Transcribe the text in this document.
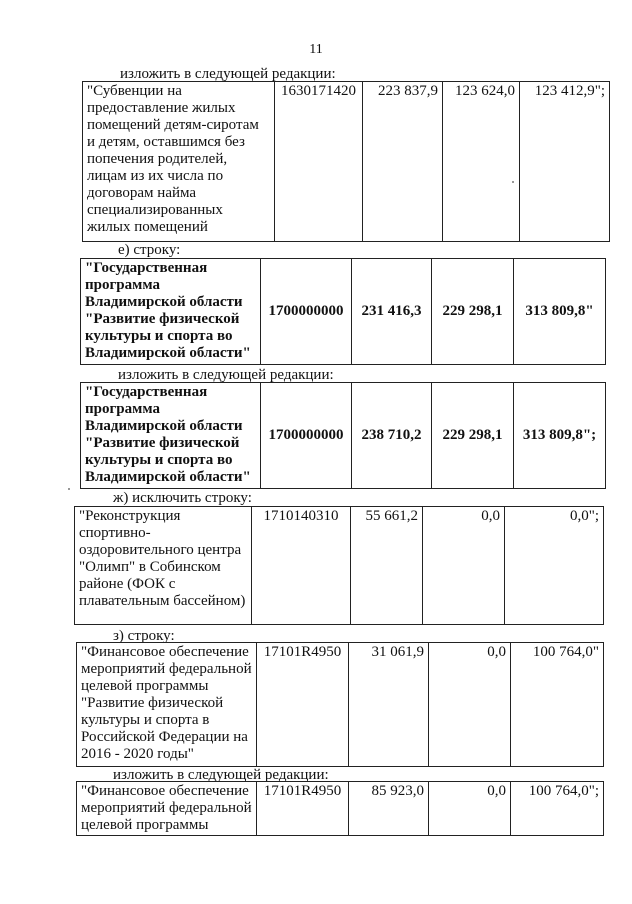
11
изложить в следующей редакции:
"Субвенции на предоставление жилых помещений детям-сиротам и детям, оставшимся без попечения родителей, лицам из их числа по договорам найма специализированных жилых помещений	1630171420	223 837,9	123 624,0	123 412,9";
е) строку:
"Государственная программа Владимирской области "Развитие физической культуры и спорта во Владимирской области"	1700000000	231 416,3	229 298,1	313 809,8"
изложить в следующей редакции:
"Государственная программа Владимирской области "Развитие физической культуры и спорта во Владимирской области"	1700000000	238 710,2	229 298,1	313 809,8";
ж) исключить строку:
"Реконструкция спортивно-оздоровительного центра "Олимп" в Собинском районе (ФОК с плавательным бассейном)	1710140310	55 661,2	0,0	0,0";
з) строку:
"Финансовое обеспечение мероприятий федеральной целевой программы "Развитие физической культуры и спорта в Российской Федерации на 2016 - 2020 годы"	17101R4950	31 061,9	0,0	100 764,0"
изложить в следующей редакции:
"Финансовое обеспечение мероприятий федеральной целевой программы	17101R4950	85 923,0	0,0	100 764,0";
